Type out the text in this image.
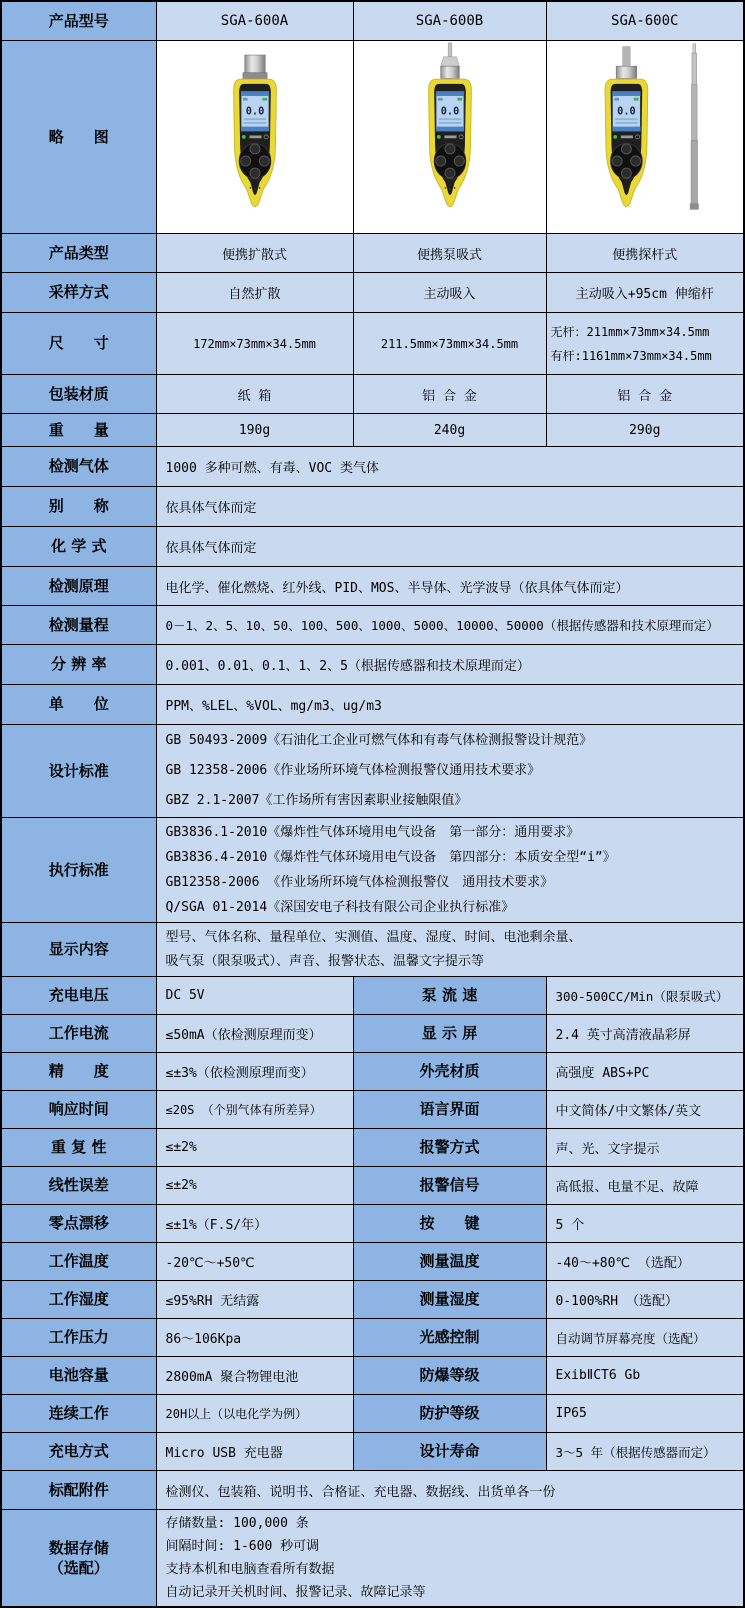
产品型号	SGA-600A	SGA-600B	SGA-600C
略　　图	0.0	0.0	0.0

产品类型	便携扩散式	便携泵吸式	便携探杆式
采样方式	自然扩散	主动吸入	主动吸入+95cm 伸缩杆
尺　　寸	172mm×73mm×34.5mm	211.5mm×73mm×34.5mm	无杆：211mm×73mm×34.5mm
有杆:1161mm×73mm×34.5mm

包装材质	纸 箱	铝 合 金	铝 合 金
重　　量	190g	240g	290g
检测气体	1000 多种可燃、有毒、VOC 类气体		
别　　称	依具体气体而定		
化 学 式	依具体气体而定		
检测原理	电化学、催化燃烧、红外线、PID、MOS、半导体、光学波导（依具体气体而定）		
检测量程	0－1、2、5、10、50、100、500、1000、5000、10000、50000（根据传感器和技术原理而定）		
分 辨 率	0.001、0.01、0.1、1、2、5（根据传感器和技术原理而定）		
单　　位	PPM、%LEL、%VOL、mg/m3、ug/m3		
设计标准	GB 50493-2009《石油化工企业可燃气体和有毒气体检测报警设计规范》
GB 12358-2006《作业场所环境气体检测报警仪通用技术要求》
GBZ 2.1-2007《工作场所有害因素职业接触限值》		

执行标准	GB3836.1-2010《爆炸性气体环境用电气设备　第一部分：通用要求》
GB3836.4-2010《爆炸性气体环境用电气设备　第四部分：本质安全型“i”》
GB12358-2006 《作业场所环境气体检测报警仪　通用技术要求》
Q/SGA 01-2014《深国安电子科技有限公司企业执行标准》		

显示内容	型号、气体名称、量程单位、实测值、温度、湿度、时间、电池剩余量、
吸气泵（限泵吸式）、声音、报警状态、温馨文字提示等		

充电电压	DC 5V	泵 流 速	300-500CC/Min（限泵吸式）
工作电流	≤50mA（依检测原理而变）	显 示 屏	2.4 英寸高清液晶彩屏
精　　度	≤±3%（依检测原理而变）	外壳材质	高强度 ABS+PC
响应时间	≤20S （个别气体有所差异）	语言界面	中文简体/中文繁体/英文
重 复 性	≤±2%	报警方式	声、光、文字提示
线性误差	≤±2%	报警信号	高低报、电量不足、故障
零点漂移	≤±1%（F.S/年）	按　　键	5 个
工作温度	-20℃～+50℃	测量温度	-40～+80℃ （选配）
工作湿度	≤95%RH 无结露	测量湿度	0-100%RH （选配）
工作压力	86～106Kpa	光感控制	自动调节屏幕亮度（选配）
电池容量	2800mA 聚合物锂电池	防爆等级	ExibⅡCT6 Gb
连续工作	20H以上（以电化学为例）	防护等级	IP65
充电方式	Micro USB 充电器	设计寿命	3～5 年（根据传感器而定）
标配附件	检测仪、包装箱、说明书、合格证、充电器、数据线、出货单各一份		

数据存储
（选配）

存储数量: 100,000 条
间隔时间: 1-600 秒可调
支持本机和电脑查看所有数据
自动记录开关机时间、报警记录、故障记录等
